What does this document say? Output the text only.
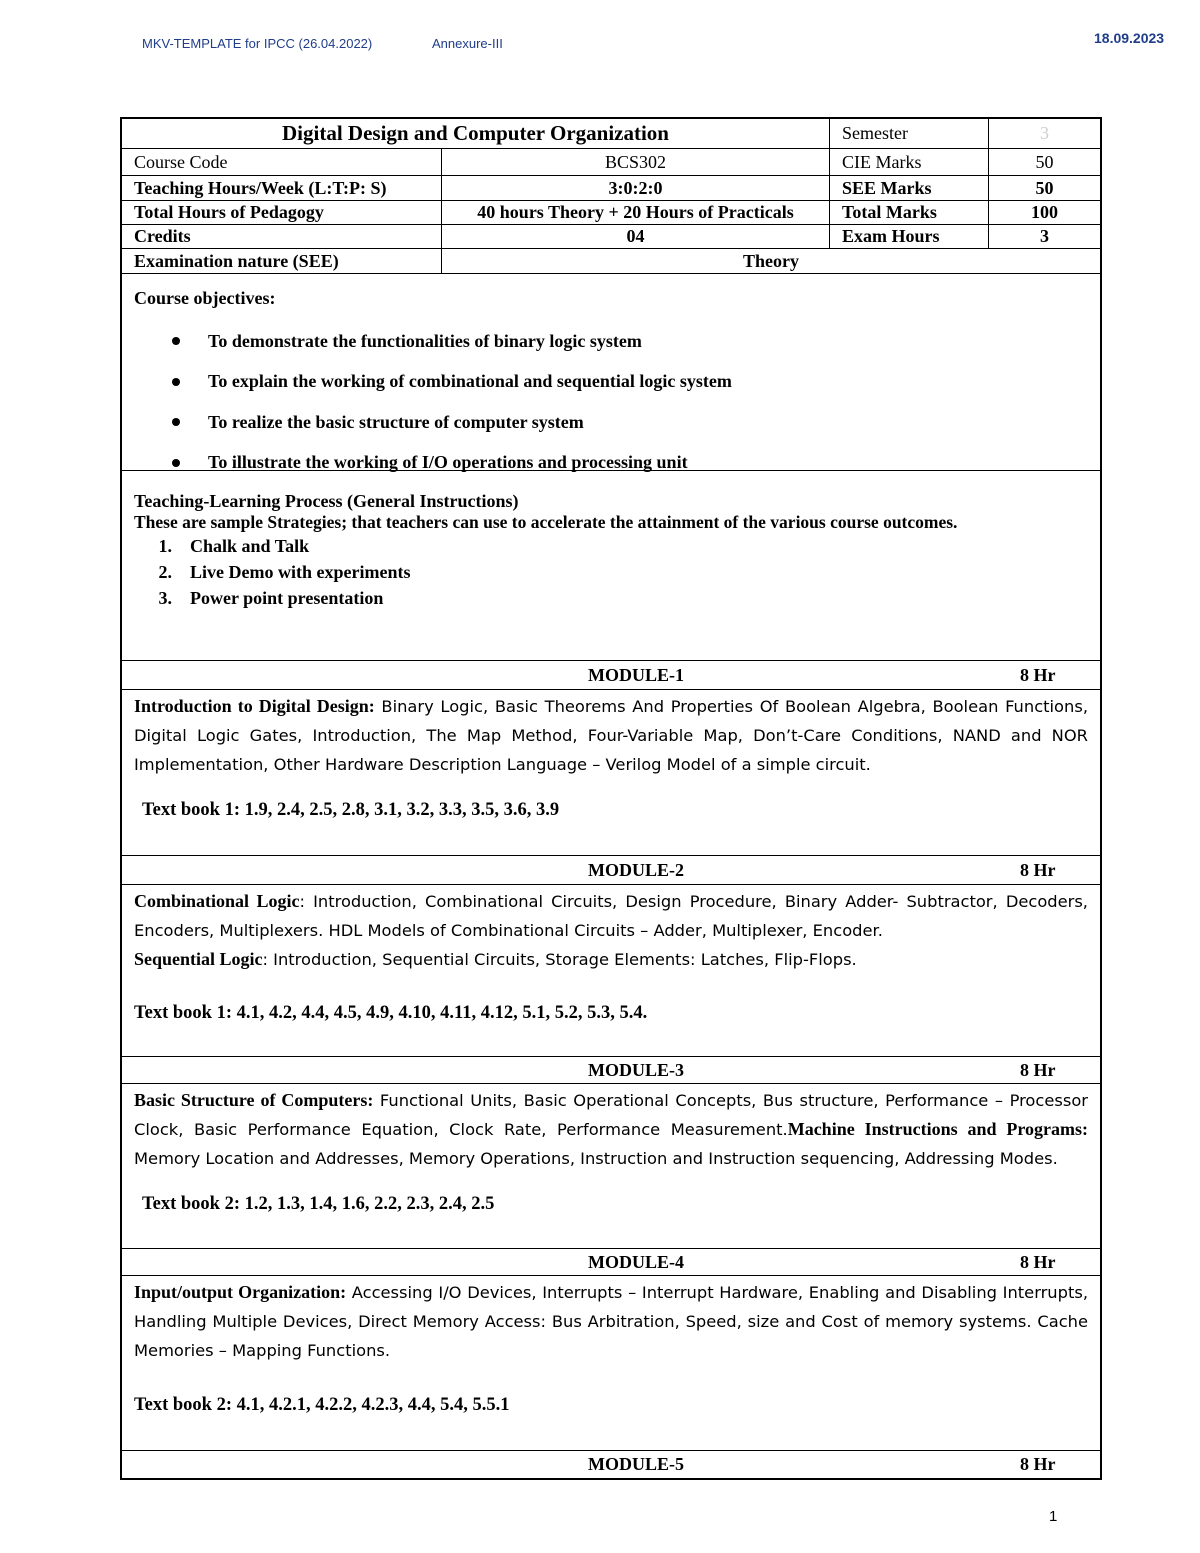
MKV-TEMPLATE for IPCC (26.04.2022)	Annexure-III	18.09.2023
Digital Design and Computer Organization	Semester	3
Course Code	BCS302	CIE Marks	50
Teaching Hours/Week (L:T:P: S)	3:0:2:0	SEE Marks	50
Total Hours of Pedagogy	40 hours Theory + 20 Hours of Practicals	Total Marks	100
Credits	04	Exam Hours	3
Examination nature (SEE)	Theory

Course objectives:

To demonstrate the functionalities of binary logic system
To explain the working of combinational and sequential logic system
To realize the basic structure of computer system
To illustrate the working of I/O operations and processing unit

Teaching-Learning Process (General Instructions)

These are sample Strategies; that teachers can use to accelerate the attainment of the various course outcomes.

1. Chalk and Talk
2. Live Demo with experiments
3. Power point presentation
MODULE-1	8 Hr
Introduction to Digital Design: Binary Logic, Basic Theorems And Properties Of Boolean Algebra, Boolean Functions, Digital Logic Gates, Introduction, The Map Method, Four-Variable Map, Don’t-Care Conditions, NAND and NOR Implementation, Other Hardware Description Language – Verilog Model of a simple circuit.
Text book 1: 1.9, 2.4, 2.5, 2.8, 3.1, 3.2, 3.3, 3.5, 3.6, 3.9
MODULE-2	8 Hr
Combinational Logic: Introduction, Combinational Circuits, Design Procedure, Binary Adder- Subtractor, Decoders, Encoders, Multiplexers. HDL Models of Combinational Circuits – Adder, Multiplexer, Encoder.
Sequential Logic: Introduction, Sequential Circuits, Storage Elements: Latches, Flip-Flops.
Text book 1: 4.1, 4.2, 4.4, 4.5, 4.9, 4.10, 4.11, 4.12, 5.1, 5.2, 5.3, 5.4.
MODULE-3	8 Hr
Basic Structure of Computers: Functional Units, Basic Operational Concepts, Bus structure, Performance – Processor Clock, Basic Performance Equation, Clock Rate, Performance Measurement.Machine Instructions and Programs: Memory Location and Addresses, Memory Operations, Instruction and Instruction sequencing, Addressing Modes.
Text book 2: 1.2, 1.3, 1.4, 1.6, 2.2, 2.3, 2.4, 2.5
MODULE-4	8 Hr
Input/output Organization: Accessing I/O Devices, Interrupts – Interrupt Hardware, Enabling and Disabling Interrupts, Handling Multiple Devices, Direct Memory Access: Bus Arbitration, Speed, size and Cost of memory systems. Cache Memories – Mapping Functions.
Text book 2: 4.1, 4.2.1, 4.2.2, 4.2.3, 4.4, 5.4, 5.5.1
MODULE-5	8 Hr
1
